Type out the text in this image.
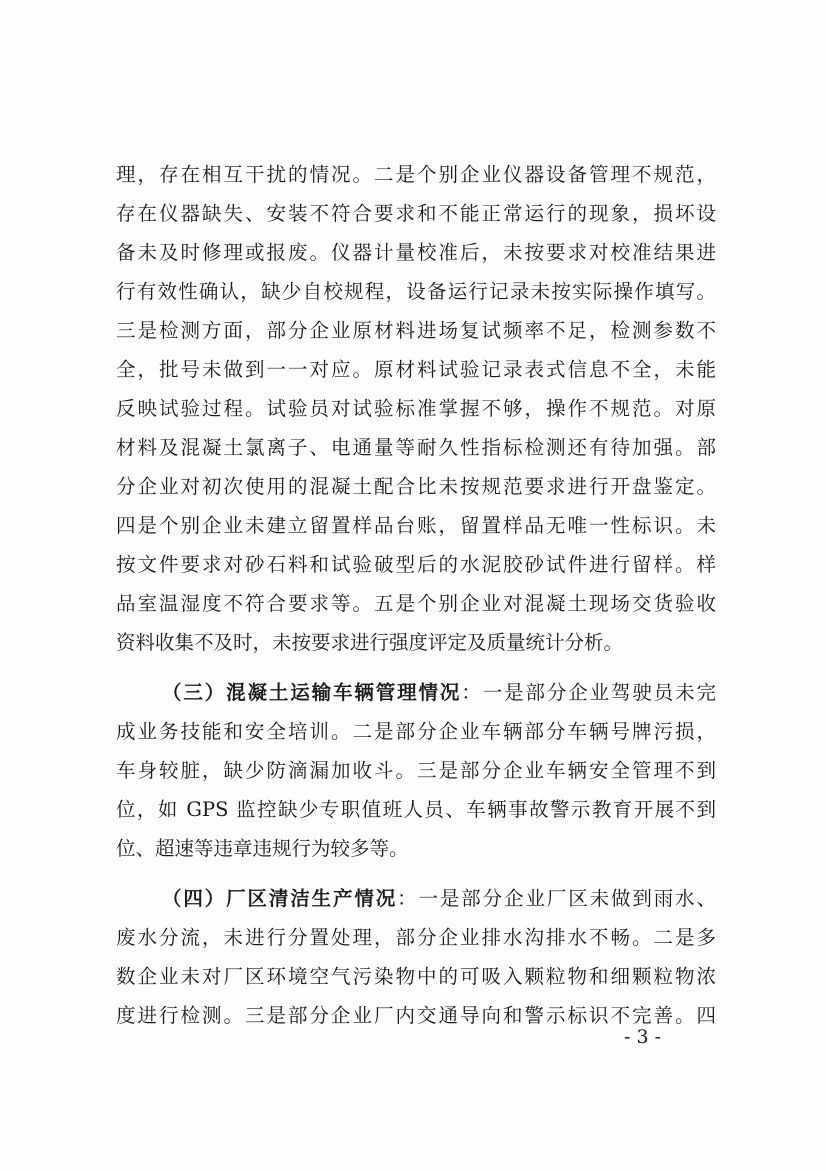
理，存在相互干扰的情况。二是个别企业仪器设备管理不规范，
存在仪器缺失、安装不符合要求和不能正常运行的现象，损坏设
备未及时修理或报废。仪器计量校准后，未按要求对校准结果进
行有效性确认，缺少自校规程，设备运行记录未按实际操作填写。
三是检测方面，部分企业原材料进场复试频率不足，检测参数不
全，批号未做到一一对应。原材料试验记录表式信息不全，未能
反映试验过程。试验员对试验标准掌握不够，操作不规范。对原
材料及混凝土氯离子、电通量等耐久性指标检测还有待加强。部
分企业对初次使用的混凝土配合比未按规范要求进行开盘鉴定。
四是个别企业未建立留置样品台账，留置样品无唯一性标识。未
按文件要求对砂石料和试验破型后的水泥胶砂试件进行留样。样
品室温湿度不符合要求等。五是个别企业对混凝土现场交货验收
资料收集不及时，未按要求进行强度评定及质量统计分析。
（三）混凝土运输车辆管理情况：一是部分企业驾驶员未完
成业务技能和安全培训。二是部分企业车辆部分车辆号牌污损，
车身较脏，缺少防滴漏加收斗。三是部分企业车辆安全管理不到
位，如 GPS 监控缺少专职值班人员、车辆事故警示教育开展不到
位、超速等违章违规行为较多等。
（四）厂区清洁生产情况：一是部分企业厂区未做到雨水、
废水分流，未进行分置处理，部分企业排水沟排水不畅。二是多
数企业未对厂区环境空气污染物中的可吸入颗粒物和细颗粒物浓
度进行检测。三是部分企业厂内交通导向和警示标识不完善。四
- 3 -
